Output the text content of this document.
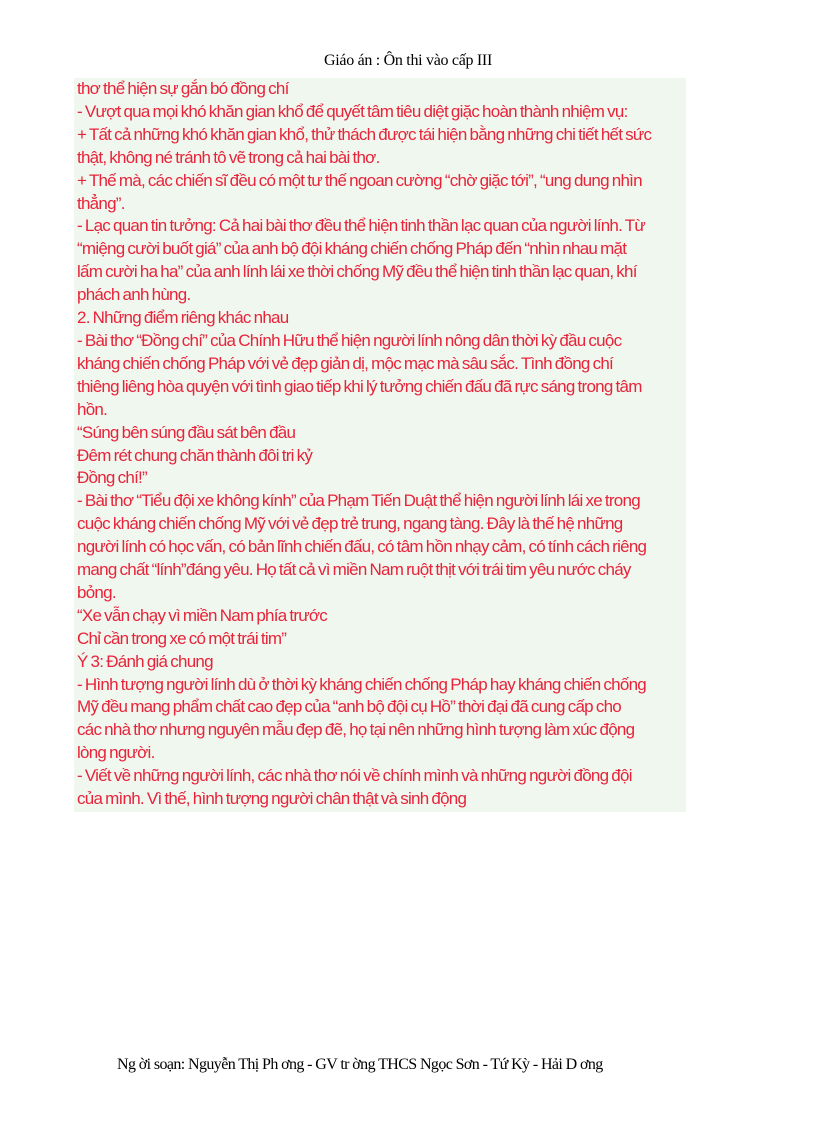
Giáo án : Ôn thi vào cấp III
thơ thể hiện sự gắn bó đồng chí
- Vượt qua mọi khó khăn gian khổ để quyết tâm tiêu diệt giặc hoàn thành nhiệm vụ:
+ Tất cả những khó khăn gian khổ, thử thách được tái hiện bằng những chi tiết hết sức
thật, không né tránh tô vẽ trong cả hai bài thơ.
+ Thế mà, các chiến sĩ đều có một tư thế ngoan cường “chờ giặc tới”, “ung dung nhìn
thẳng”.
- Lạc quan tin tưởng: Cả hai bài thơ đều thể hiện tinh thần lạc quan của người lính. Từ
“miệng cười buốt giá” của anh bộ đội kháng chiến chống Pháp đến “nhìn nhau mặt
lấm cười ha ha” của anh lính lái xe thời chống Mỹ đều thể hiện tinh thần lạc quan, khí
phách anh hùng.
2. Những điểm riêng khác nhau
- Bài thơ “Đồng chí” của Chính Hữu thể hiện người lính nông dân thời kỳ đầu cuộc
kháng chiến chống Pháp với vẻ đẹp giản dị, mộc mạc mà sâu sắc. Tình đồng chí
thiêng liêng hòa quyện với tình giao tiếp khi lý tưởng chiến đấu đã rực sáng trong tâm
hồn.
“Súng bên súng đầu sát bên đầu
Đêm rét chung chăn thành đôi tri kỷ
Đồng chí!”
- Bài thơ “Tiểu đội xe không kính” của Phạm Tiến Duật thể hiện người lính lái xe trong
cuộc kháng chiến chống Mỹ với vẻ đẹp trẻ trung, ngang tàng. Đây là thế hệ những
người lính có học vấn, có bản lĩnh chiến đấu, có tâm hồn nhạy cảm, có tính cách riêng
mang chất “lính”đáng yêu. Họ tất cả vì miền Nam ruột thịt với trái tim yêu nước cháy
bỏng.
“Xe vẫn chạy vì miền Nam phía trước
Chỉ cần trong xe có một trái tim”
Ý 3: Đánh giá chung
- Hình tượng người lính dù ở thời kỳ kháng chiến chống Pháp hay kháng chiến chống
Mỹ đều mang phẩm chất cao đẹp của “anh bộ đội cụ Hồ” thời đại đã cung cấp cho
các nhà thơ nhưng nguyên mẫu đẹp đẽ, họ tại nên những hình tượng làm xúc động
lòng người.
- Viết về những người lính, các nhà thơ nói về chính mình và những người đồng đội
của mình. Vì thế, hình tượng người chân thật và sinh động
Ng ời soạn: Nguyễn Thị Ph ơng - GV tr ờng THCS Ngọc Sơn - Tứ Kỳ - Hải D ơng
